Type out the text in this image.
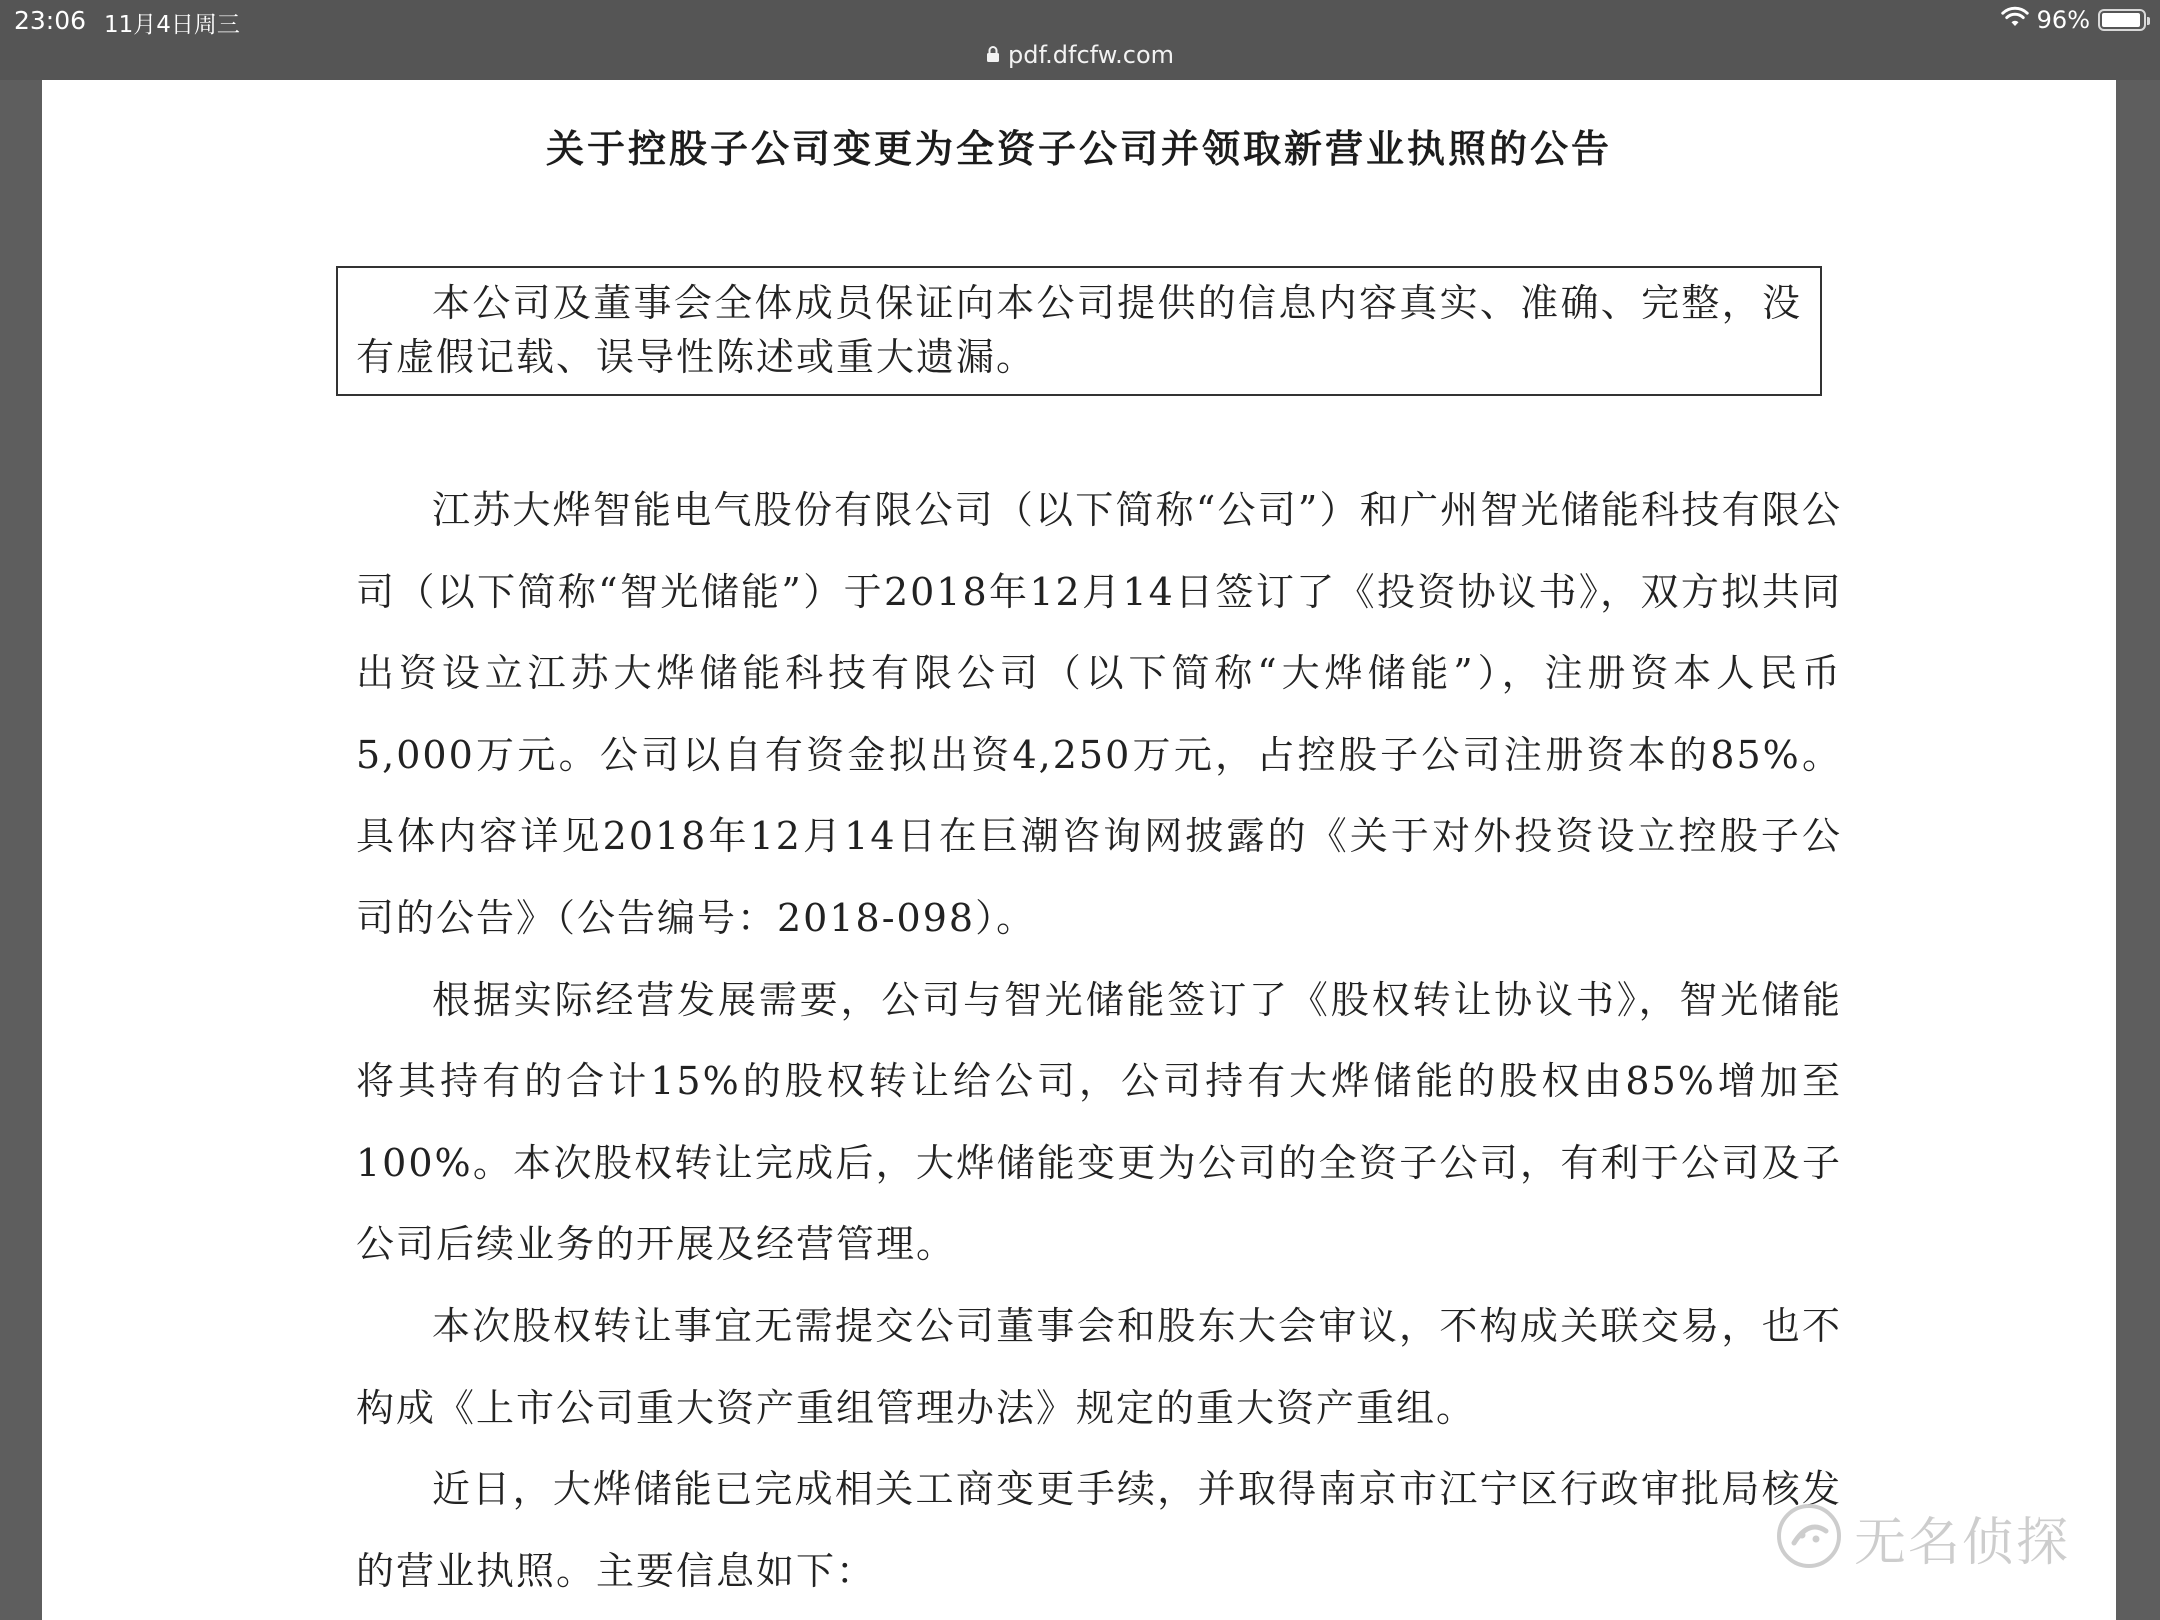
23:06 11月4日周三	96%
pdf.dfcfw.com
关于控股子公司变更为全资子公司并领取新营业执照的公告

本公司及董事会全体成员保证向本公司提供的信息内容真实、准确、完整，没有虚假记载、误导性陈述或重大遗漏。

江苏大烨智能电气股份有限公司（以下简称“公司”）和广州智光储能科技有限公司（以下简称“智光储能”）于2018年12月14日签订了《投资协议书》，双方拟共同出资设立江苏大烨储能科技有限公司（以下简称“大烨储能”），注册资本人民币5,000万元。公司以自有资金拟出资4,250万元，占控股子公司注册资本的85%。具体内容详见2018年12月14日在巨潮咨询网披露的《关于对外投资设立控股子公司的公告》（公告编号：2018-098）。

根据实际经营发展需要，公司与智光储能签订了《股权转让协议书》，智光储能将其持有的合计15%的股权转让给公司，公司持有大烨储能的股权由85%增加至100%。本次股权转让完成后，大烨储能变更为公司的全资子公司，有利于公司及子公司后续业务的开展及经营管理。

本次股权转让事宜无需提交公司董事会和股东大会审议，不构成关联交易，也不构成《上市公司重大资产重组管理办法》规定的重大资产重组。

近日，大烨储能已完成相关工商变更手续，并取得南京市江宁区行政审批局核发的营业执照。主要信息如下：	无名侦探
